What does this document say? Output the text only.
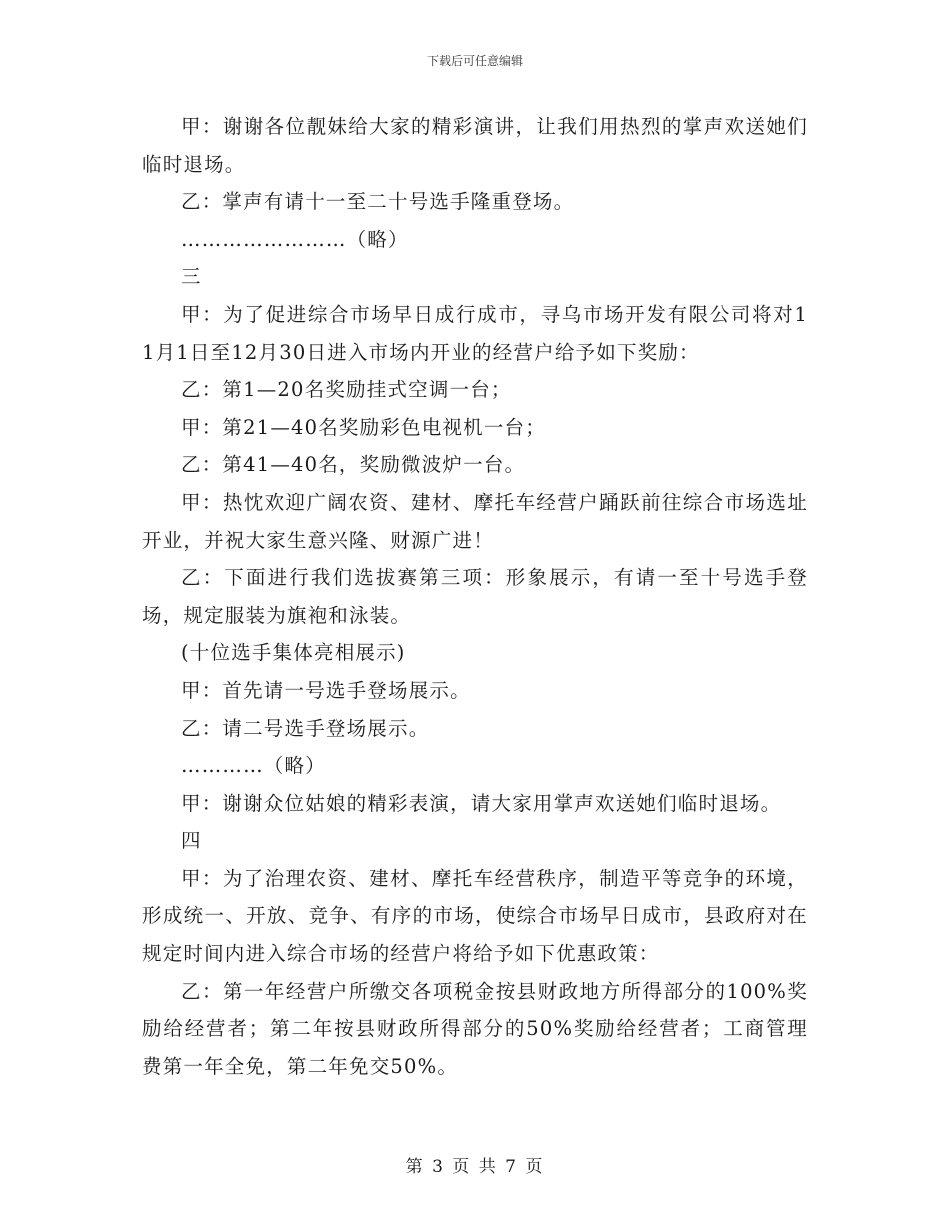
下载后可任意编辑

甲：谢谢各位靓妹给大家的精彩演讲，让我们用热烈的掌声欢送她们临时退场。

乙：掌声有请十一至二十号选手隆重登场。

……………………（略）

三

甲：为了促进综合市场早日成行成市，寻乌市场开发有限公司将对11月1日至12月30日进入市场内开业的经营户给予如下奖励：

乙：第1—20名奖励挂式空调一台；

甲：第21—40名奖励彩色电视机一台；

乙：第41—40名，奖励微波炉一台。

甲：热忱欢迎广阔农资、建材、摩托车经营户踊跃前往综合市场选址开业，并祝大家生意兴隆、财源广进！

乙：下面进行我们选拔赛第三项：形象展示，有请一至十号选手登场，规定服装为旗袍和泳装。

(十位选手集体亮相展示)

甲：首先请一号选手登场展示。

乙：请二号选手登场展示。

…………（略）

甲：谢谢众位姑娘的精彩表演，请大家用掌声欢送她们临时退场。

四

甲：为了治理农资、建材、摩托车经营秩序，制造平等竞争的环境，形成统一、开放、竞争、有序的市场，使综合市场早日成市，县政府对在规定时间内进入综合市场的经营户将给予如下优惠政策：

乙：第一年经营户所缴交各项税金按县财政地方所得部分的100%奖励给经营者；第二年按县财政所得部分的50%奖励给经营者；工商管理费第一年全免，第二年免交50%。

第 3 页 共 7 页
